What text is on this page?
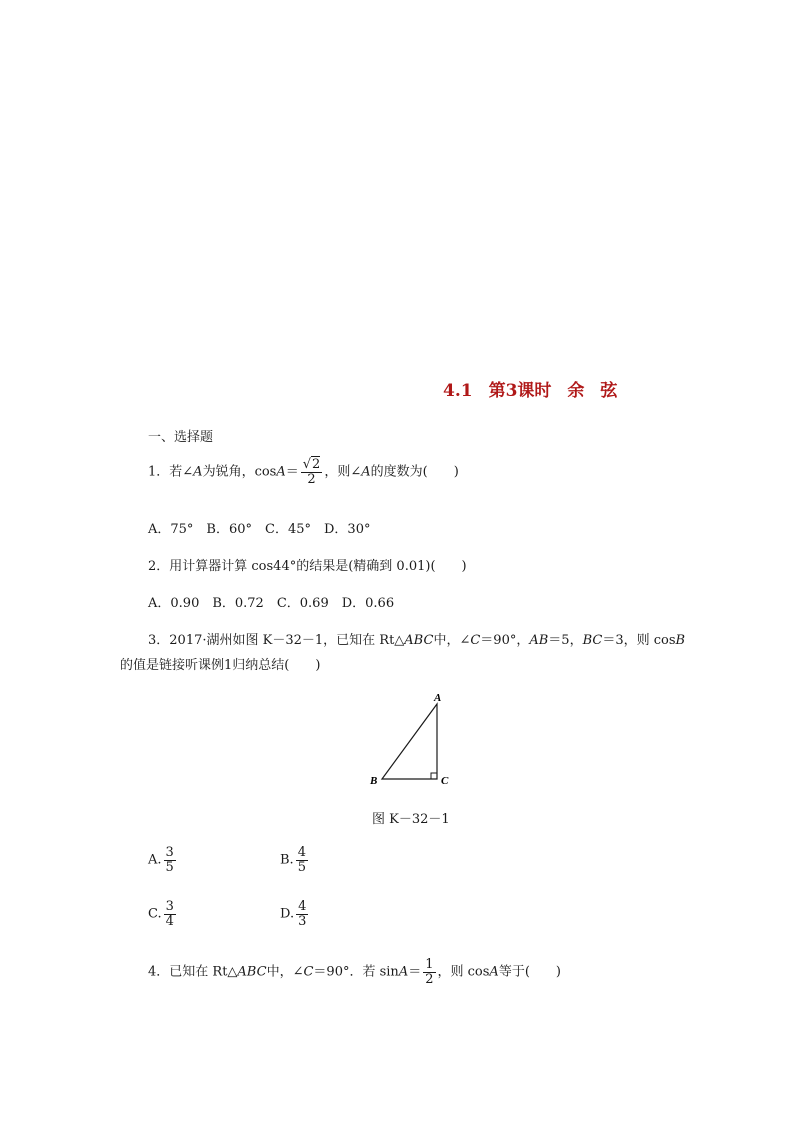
4.1 第3课时 余 弦
一、选择题
1．若∠A为锐角，$\cos A= \frac{√2}{2}$ ，则∠A的度数为(　　)
A．75°　B．60°　C．45°　D．30°
2．用计算器计算 cos44°的结果是(精确到 0.01)(　　)
A．0.90　B．0.72　C．0.69　D．0.66
3．2017·湖州如图 K－32－1，已知在 Rt△ABC中，∠C＝90°，AB＝5，BC＝3，则 cosB
的值是链接听课例1归纳总结(　　)
A
B	C
图 K－32－1
A. $\frac{3}{5}$	B. $\frac{4}{5}$
C. $\frac{3}{4}$	D. $\frac{4}{3}$
4．已知在 Rt△ABC中，∠C＝90°．若 $\sin A= \frac{1}{2}$ ，则 cosA等于(　　)
